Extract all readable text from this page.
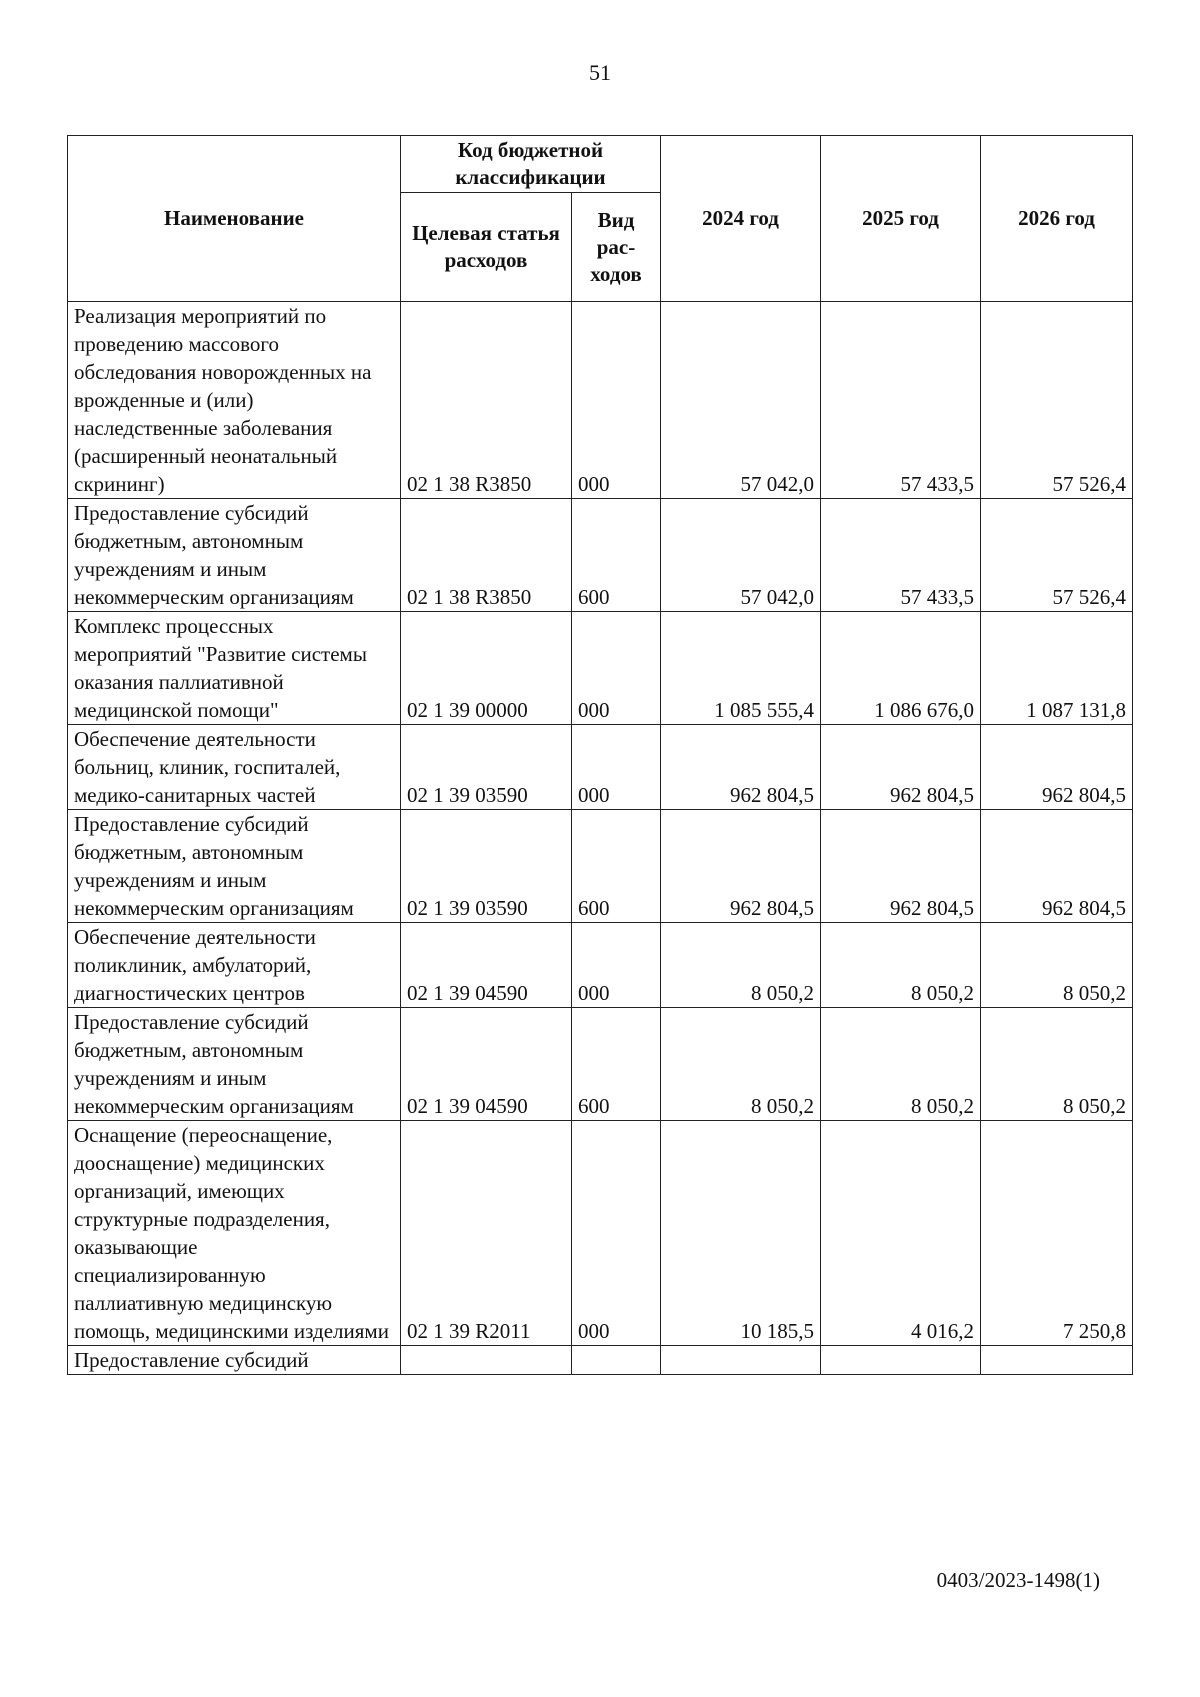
51
Наименование	Код бюджетной классификации		2024 год	2025 год	2026 год
	Целевая статья расходов	Вид рас-ходов			
Реализация мероприятий по проведению массового обследования новорожденных на врожденные и (или) наследственные заболевания (расширенный неонатальный скрининг)	02 1 38 R3850	000	57 042,0	57 433,5	57 526,4
Предоставление субсидий бюджетным, автономным учреждениям и иным некоммерческим организациям	02 1 38 R3850	600	57 042,0	57 433,5	57 526,4
Комплекс процессных мероприятий "Развитие системы оказания паллиативной медицинской помощи"	02 1 39 00000	000	1 085 555,4	1 086 676,0	1 087 131,8
Обеспечение деятельности больниц, клиник, госпиталей, медико-санитарных частей	02 1 39 03590	000	962 804,5	962 804,5	962 804,5
Предоставление субсидий бюджетным, автономным учреждениям и иным некоммерческим организациям	02 1 39 03590	600	962 804,5	962 804,5	962 804,5
Обеспечение деятельности поликлиник, амбулаторий, диагностических центров	02 1 39 04590	000	8 050,2	8 050,2	8 050,2
Предоставление субсидий бюджетным, автономным учреждениям и иным некоммерческим организациям	02 1 39 04590	600	8 050,2	8 050,2	8 050,2
Оснащение (переоснащение, дооснащение) медицинских организаций, имеющих структурные подразделения, оказывающие специализированную паллиативную медицинскую помощь, медицинскими изделиями	02 1 39 R2011	000	10 185,5	4 016,2	7 250,8
Предоставление субсидий					
0403/2023-1498(1)
